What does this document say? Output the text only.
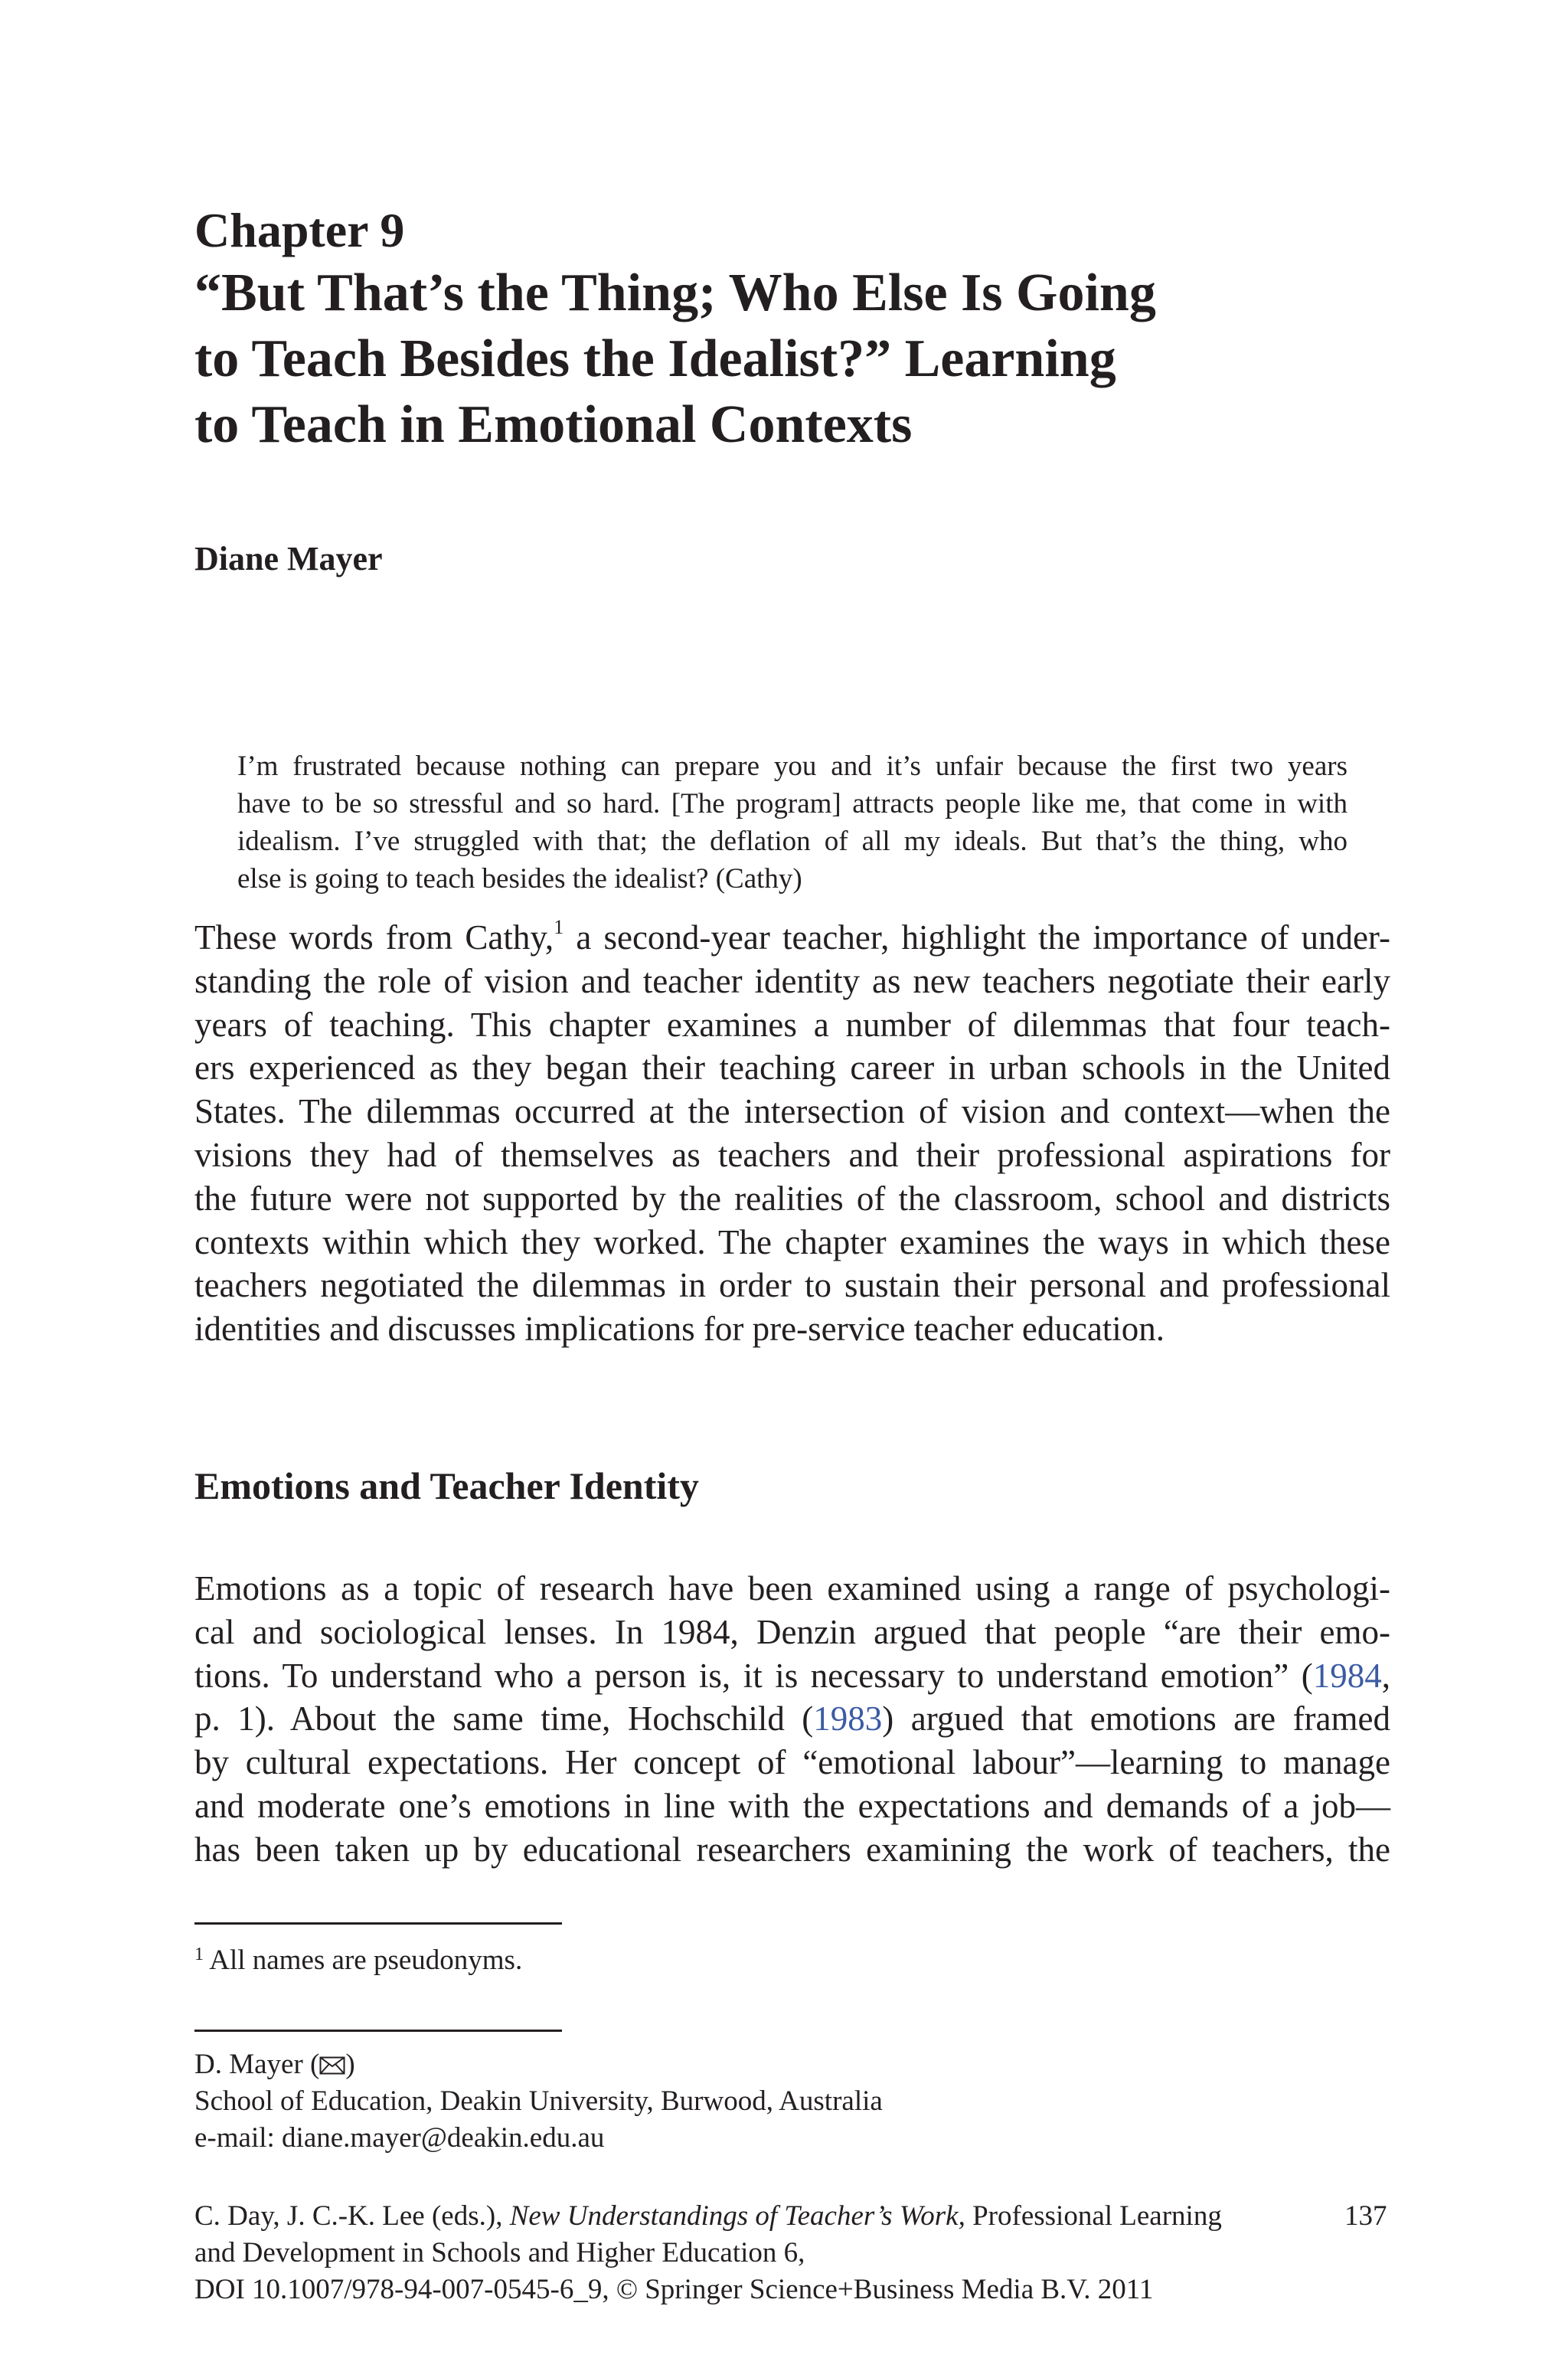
Chapter 9
“But That’s the Thing; Who Else Is Going
to Teach Besides the Idealist?” Learning
to Teach in Emotional Contexts
Diane Mayer
I’m frustrated because nothing can prepare you and it’s unfair because the first two years
have to be so stressful and so hard. [The program] attracts people like me, that come in with
idealism. I’ve struggled with that; the deflation of all my ideals. But that’s the thing, who
else is going to teach besides the idealist? (Cathy)
These words from Cathy,$^1$ a second-year teacher, highlight the importance of under-
standing the role of vision and teacher identity as new teachers negotiate their early
years of teaching. This chapter examines a number of dilemmas that four teach-
ers experienced as they began their teaching career in urban schools in the United
States. The dilemmas occurred at the intersection of vision and context—when the
visions they had of themselves as teachers and their professional aspirations for
the future were not supported by the realities of the classroom, school and districts
contexts within which they worked. The chapter examines the ways in which these
teachers negotiated the dilemmas in order to sustain their personal and professional
identities and discusses implications for pre-service teacher education.
Emotions and Teacher Identity
Emotions as a topic of research have been examined using a range of psychologi-
cal and sociological lenses. In 1984, Denzin argued that people “are their emo-
tions. To understand who a person is, it is necessary to understand emotion” (1984,
p. 1). About the same time, Hochschild (1983) argued that emotions are framed
by cultural expectations. Her concept of “emotional labour”—learning to manage
and moderate one’s emotions in line with the expectations and demands of a job—
has been taken up by educational researchers examining the work of teachers, the
$^1$ All names are pseudonyms.
D. Mayer ( )
School of Education, Deakin University, Burwood, Australia
e-mail: diane.mayer@deakin.edu.au
C. Day, J. C.-K. Lee (eds.), New Understandings of Teacher’s Work, Professional Learning
and Development in Schools and Higher Education 6,
DOI 10.1007/978-94-007-0545-6_9, © Springer Science+Business Media B.V. 2011
137
